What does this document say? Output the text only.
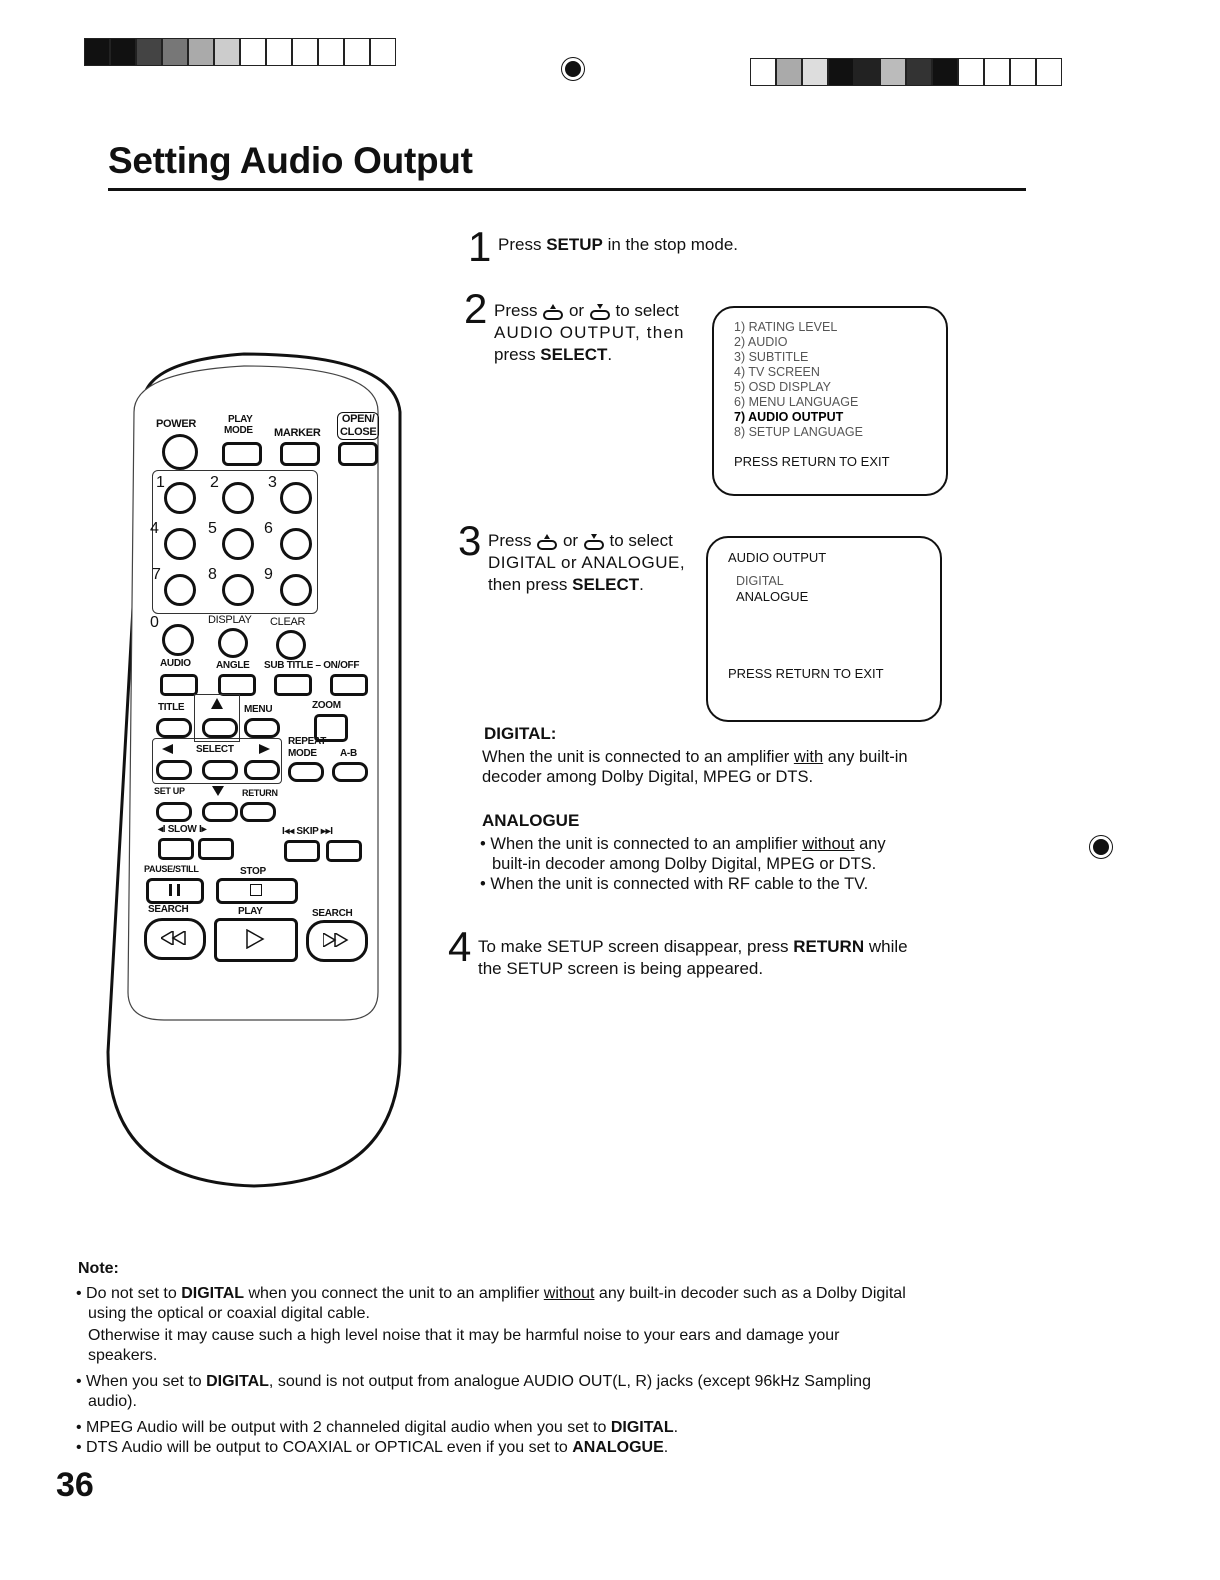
Setting Audio Output
1 Press SETUP in the stop mode.
2 Press or to select
AUDIO OUTPUT, then
press SELECT.
1) RATING LEVEL
2) AUDIO
3) SUBTITLE
4) TV SCREEN
5) OSD DISPLAY
6) MENU LANGUAGE
7) AUDIO OUTPUT
8) SETUP LANGUAGE
PRESS RETURN TO EXIT
3 Press or to select
DIGITAL or ANALOGUE,
then press SELECT.
AUDIO OUTPUT
DIGITAL
ANALOGUE
PRESS RETURN TO EXIT
DIGITAL:
When the unit is connected to an amplifier with any built-in
decoder among Dolby Digital, MPEG or DTS.
ANALOGUE
• When the unit is connected to an amplifier without any
built-in decoder among Dolby Digital, MPEG or DTS.
• When the unit is connected with RF cable to the TV.
4 To make SETUP screen disappear, press RETURN while
the SETUP screen is being appeared.
POWER	PLAY
MODE MARKER
OPEN/
CLOSE
1	2	3
4	5	6
7	8	9
0	DISPLAY CLEAR
AUDIO	ANGLE SUB TITLE – ON/OFF
TITLE	MENU	ZOOM
SELECT
REPEAT
MODE A-B
SET UP	RETURN
◂I SLOW I▸	I◂◂ SKIP ▸▸I
PAUSE/STILL	STOP
SEARCH	PLAY	SEARCH
Note:
• Do not set to DIGITAL when you connect the unit to an amplifier without any built-in decoder such as a Dolby Digital
using the optical or coaxial digital cable.
Otherwise it may cause such a high level noise that it may be harmful noise to your ears and damage your
speakers.
• When you set to DIGITAL, sound is not output from analogue AUDIO OUT(L, R) jacks (except 96kHz Sampling
audio).
• MPEG Audio will be output with 2 channeled digital audio when you set to DIGITAL.
• DTS Audio will be output to COAXIAL or OPTICAL even if you set to ANALOGUE.
36
